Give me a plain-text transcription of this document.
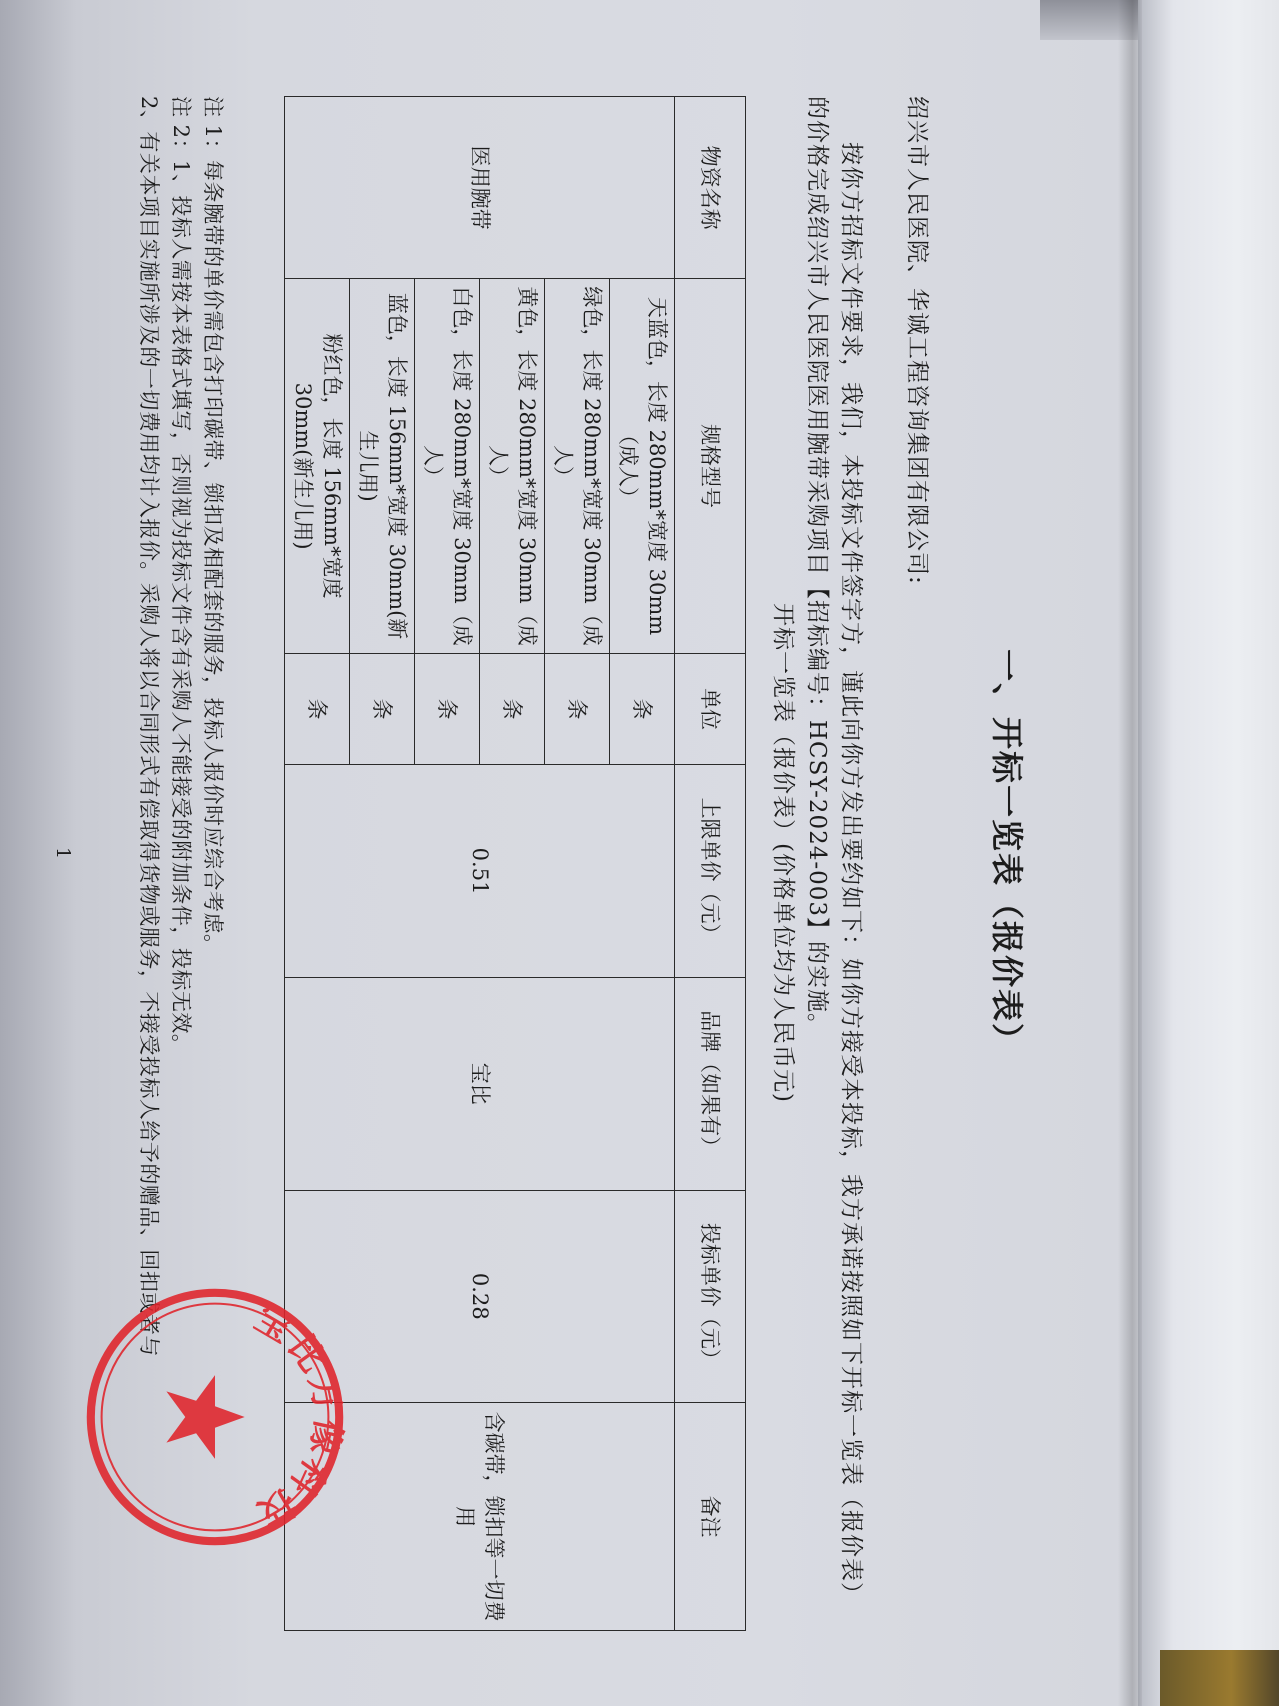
一、开标一览表（报价表）
绍兴市人民医院、华诚工程咨询集团有限公司:
按你方招标文件要求，我们，本投标文件签字方，谨此向你方发出要约如下：如你方接受本投标，我方承诺按照如下开标一览表（报价表）的价格完成绍兴市人民医院医用腕带采购项目【招标编号：HCSY-2024-003】的实施。
开标一览表（报价表）(价格单位均为人民币元)
物资名称	规格型号	单位	上限单价（元）	品牌（如果有）	投标单价（元）	备注
医用腕带	天蓝色，长度 280mm*宽度 30mm（成人）	条	0.51	宝比	0.28	含碳带，锁扣等一切费用
	绿色，长度 280mm*宽度 30mm（成人）	条				
	黄色，长度 280mm*宽度 30mm（成人）	条				
	白色，长度 280mm*宽度 30mm（成人）	条				
	蓝色，长度 156mm*宽度 30mm(新生儿用)	条				
	粉红色，长度 156mm*宽度 30mm(新生儿用)	条				
注 1：每条腕带的单价需包含打印碳带、锁扣及相配套的服务，投标人报价时应综合考虑。
注 2：1、投标人需按本表格式填写，否则视为投标文件含有采购人不能接受的附加条件，投标无效。
2、有关本项目实施所涉及的一切费用均计入报价。采购人将以合同形式有偿取得货物或服务，不接受投标人给予的赠品、回扣或者与
1
宝比万像科技
